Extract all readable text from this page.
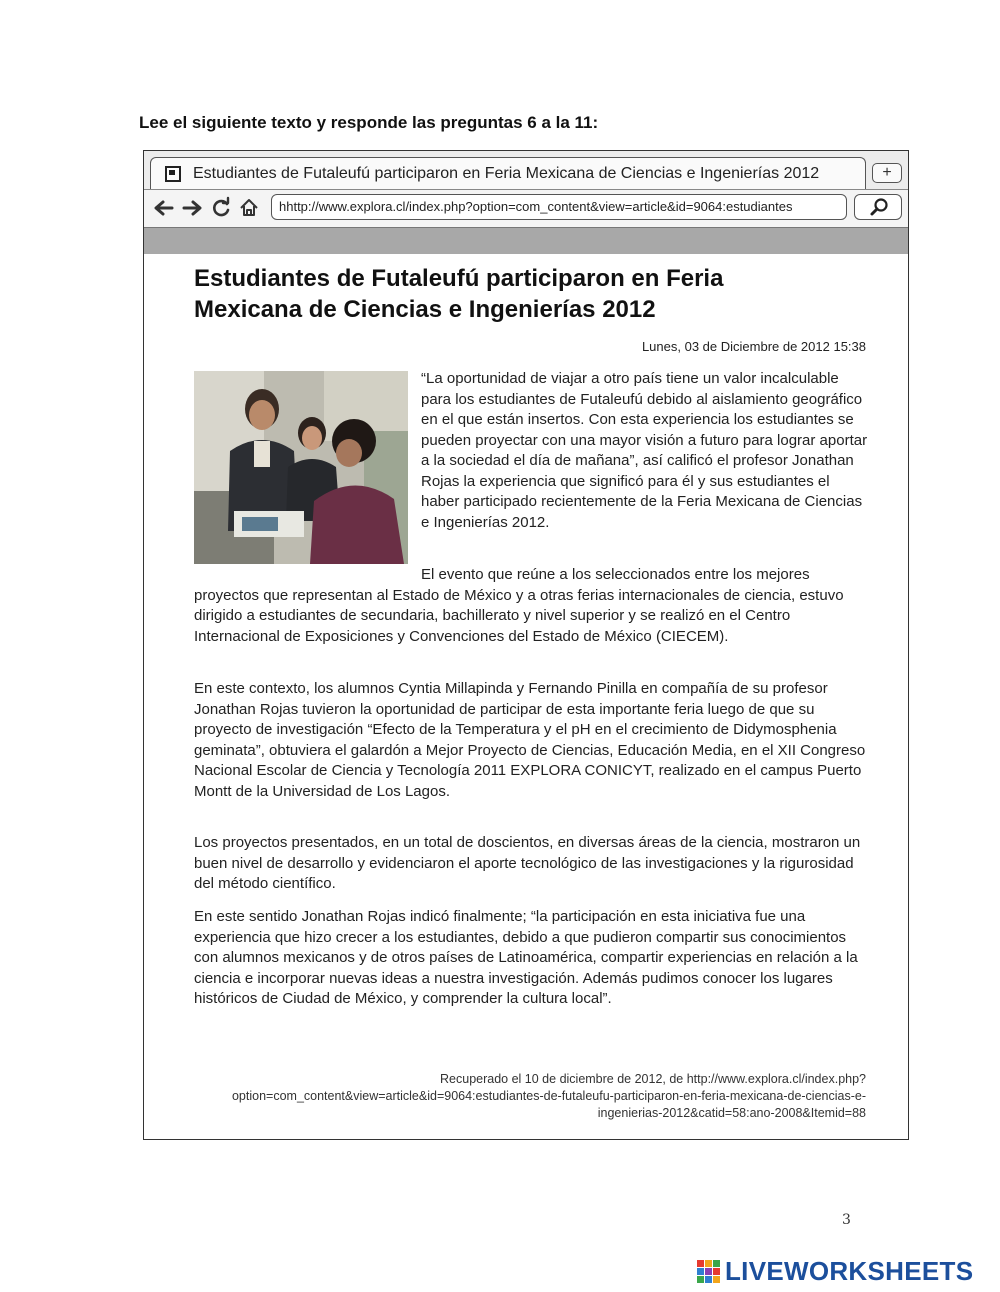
Lee el siguiente texto y responde las preguntas 6 a la 11:

Estudiantes de Futaleufú participaron en Feria Mexicana de Ciencias e Ingenierías 2012	+
hhttp://www.explora.cl/index.php?option=com_content&view=article&id=9064:estudiantes
Estudiantes de Futaleufú participaron en Feria Mexicana de Ciencias e Ingenierías 2012
Lunes, 03 de Diciembre de 2012 15:38

“La oportunidad de viajar a otro país tiene un valor incalculable para los estudiantes de Futaleufú debido al aislamiento geográfico en el que están insertos. Con esta experiencia los estudiantes se pueden proyectar con una mayor visión a futuro para lograr aportar a la sociedad el día de mañana”, así calificó el profesor Jonathan Rojas la experiencia que significó para él y sus estudiantes el haber participado recientemente de la Feria Mexicana de Ciencias e Ingenierías 2012.

El evento que reúne a los seleccionados entre los mejores proyectos que representan al Estado de México y a otras ferias internacionales de ciencia, estuvo dirigido a estudiantes de secundaria, bachillerato y nivel superior y se realizó en el Centro Internacional de Exposiciones y Convenciones del Estado de México (CIECEM).

En este contexto, los alumnos Cyntia Millapinda y Fernando Pinilla en compañía de su profesor Jonathan Rojas tuvieron la oportunidad de participar de esta importante feria luego de que su proyecto de investigación “Efecto de la Temperatura y el pH en el crecimiento de Didymosphenia geminata”, obtuviera el galardón a Mejor Proyecto de Ciencias, Educación Media, en el XII Congreso Nacional Escolar de Ciencia y Tecnología 2011 EXPLORA CONICYT, realizado en el campus Puerto Montt de la Universidad de Los Lagos.

Los proyectos presentados, en un total de doscientos, en diversas áreas de la ciencia, mostraron un buen nivel de desarrollo y evidenciaron el aporte tecnológico de las investigaciones y la rigurosidad del método científico.

En este sentido Jonathan Rojas indicó finalmente; “la participación en esta iniciativa fue una experiencia que hizo crecer a los estudiantes, debido a que pudieron compartir sus conocimientos con alumnos mexicanos y de otros países de Latinoamérica, compartir experiencias en relación a la ciencia e incorporar nuevas ideas a nuestra investigación. Además pudimos conocer los lugares históricos de Ciudad de México, y comprender la cultura local”.

Recuperado el 10 de diciembre de 2012, de http://www.explora.cl/index.php?option=com_content&view=article&id=9064:estudiantes-de-futaleufu-participaron-en-feria-mexicana-de-ciencias-e-ingenierias-2012&catid=58:ano-2008&Itemid=88

3
LIVEWORKSHEETS
